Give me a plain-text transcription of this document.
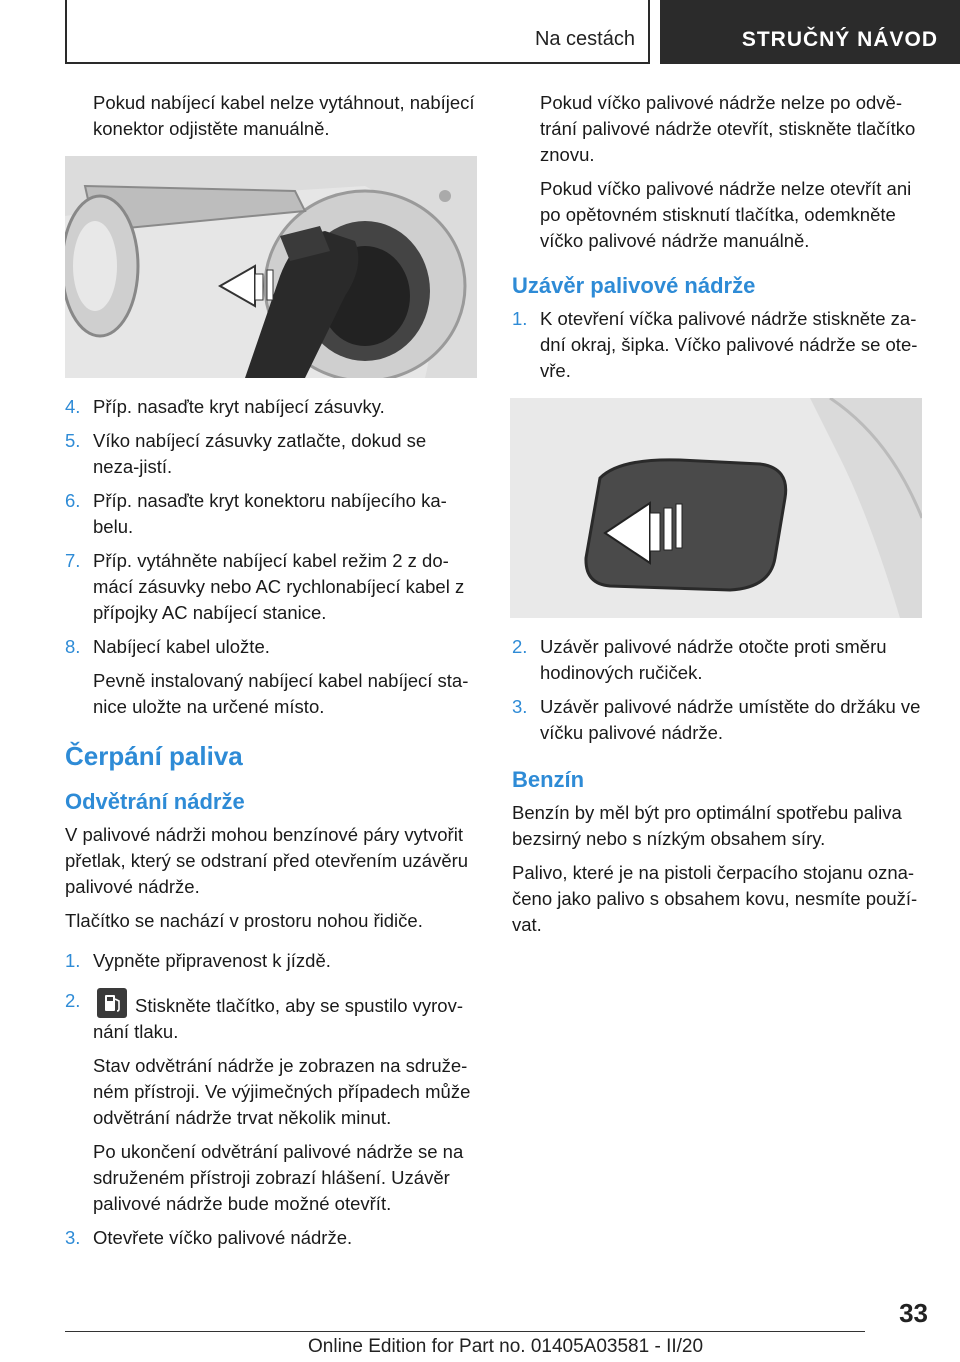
Na cestách	STRUČNÝ NÁVOD

Pokud nabíjecí kabel nelze vytáhnout, nabíjecí konektor odjistěte manuálně.

4. Příp. nasaďte kryt nabíjecí zásuvky.
5. Víko nabíjecí zásuvky zatlačte, dokud se neza-jistí.
6. Příp. nasaďte kryt konektoru nabíjecího ka-belu.
7. Příp. vytáhněte nabíjecí kabel režim 2 z do-mácí zásuvky nebo AC rychlonabíjecí kabel z přípojky AC nabíjecí stanice.
8. Nabíjecí kabel uložte.

Pevně instalovaný nabíjecí kabel nabíjecí sta-nice uložte na určené místo.

Čerpání paliva
Odvětrání nádrže

V palivové nádrži mohou benzínové páry vytvořit přetlak, který se odstraní před otevřením uzávěru palivové nádrže.

Tlačítko se nachází v prostoru nohou řidiče.

1. Vypněte připravenost k jízdě.
2.	Stiskněte tlačítko, aby se spustilo vyrov-nání tlaku.

Stav odvětrání nádrže je zobrazen na sdruže-ném přístroji. Ve výjimečných případech může odvětrání nádrže trvat několik minut.

Po ukončení odvětrání palivové nádrže se na sdruženém přístroji zobrazí hlášení. Uzávěr palivové nádrže bude možné otevřít.

3. Otevřete víčko palivové nádrže.

Pokud víčko palivové nádrže nelze po odvě-trání palivové nádrže otevřít, stiskněte tlačítko znovu.

Pokud víčko palivové nádrže nelze otevřít ani po opětovném stisknutí tlačítka, odemkněte víčko palivové nádrže manuálně.

Uzávěr palivové nádrže
1. K otevření víčka palivové nádrže stiskněte za-dní okraj, šipka. Víčko palivové nádrže se ote-vře.
2. Uzávěr palivové nádrže otočte proti směru hodinových ručiček.
3. Uzávěr palivové nádrže umístěte do držáku ve víčku palivové nádrže.
Benzín

Benzín by měl být pro optimální spotřebu paliva bezsirný nebo s nízkým obsahem síry.

Palivo, které je na pistoli čerpacího stojanu ozna-čeno jako palivo s obsahem kovu, nesmíte použí-vat.

33
Online Edition for Part no. 01405A03581 - II/20
